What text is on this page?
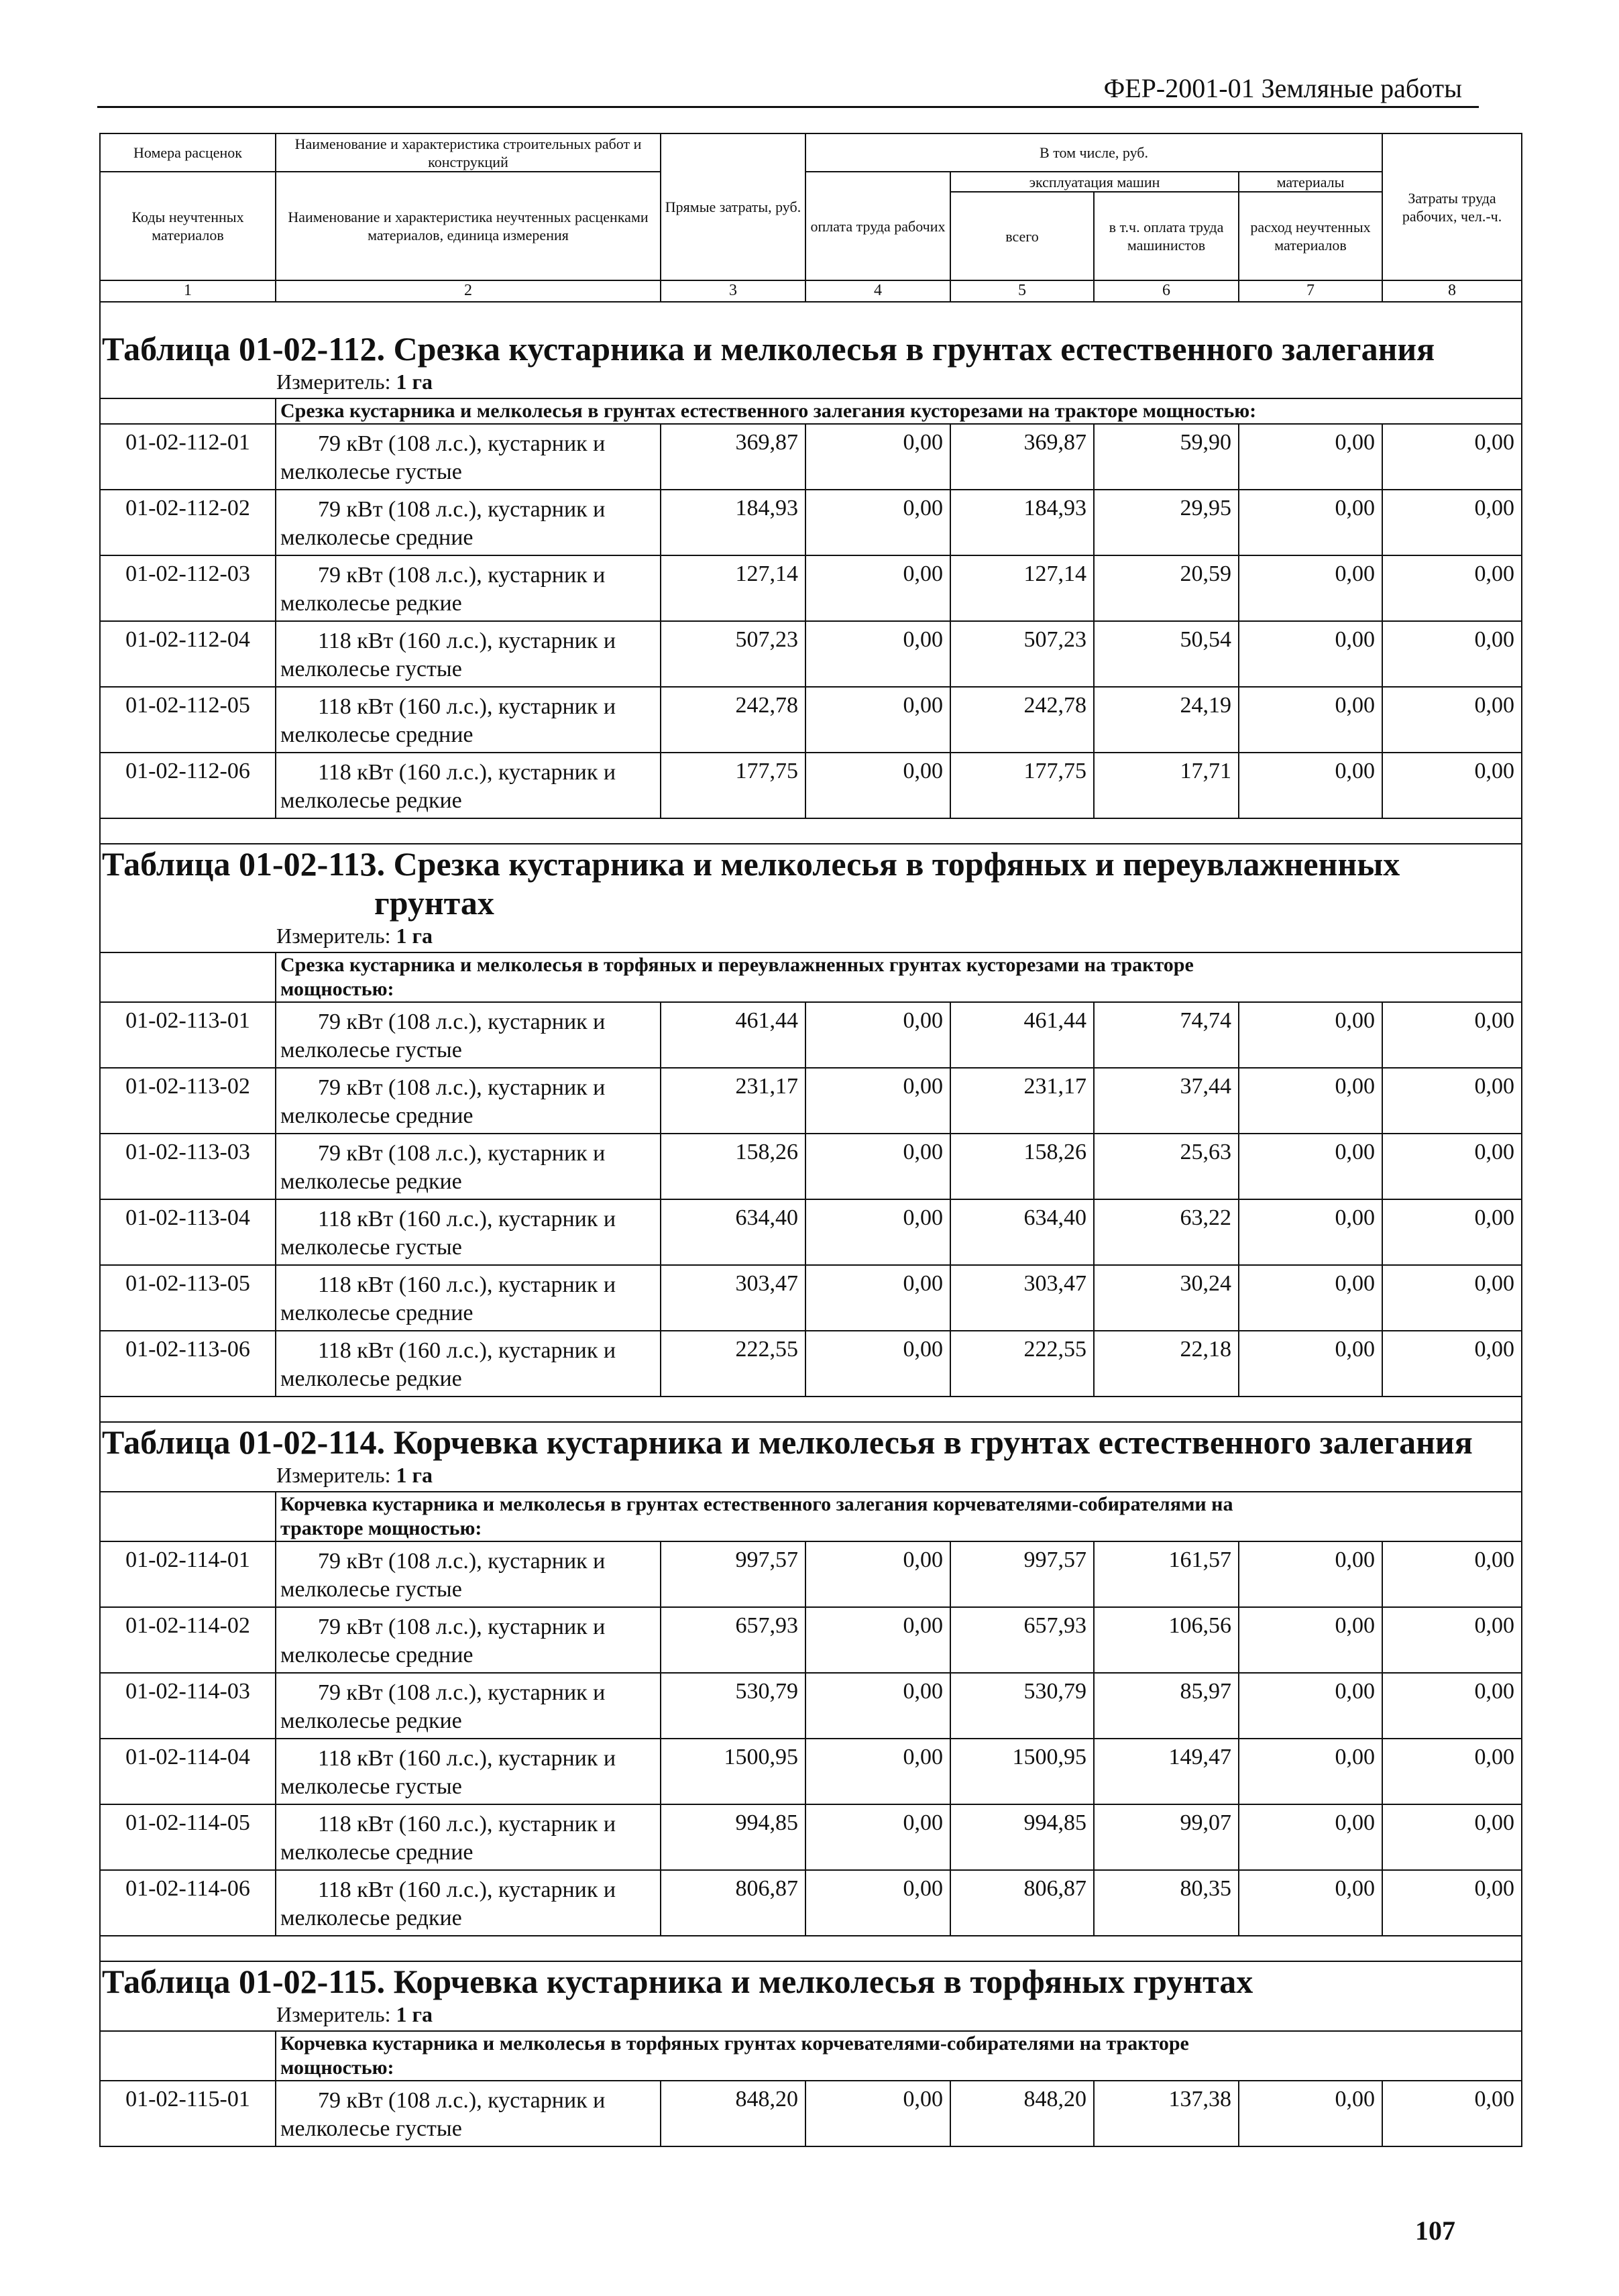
ФЕР-2001-01 Земляные работы
Номера расценок	Наименование и характеристика строительных работ и конструкций	Прямые затраты, руб.	В том числе, руб.				Затраты труда рабочих, чел.-ч.
Коды неучтенных материалов	Наименование и характеристика неучтенных расценками материалов, единица измерения		оплата труда рабочих	эксплуатация машин		материалы	
				всего	в т.ч. оплата труда машинистов	расход неучтенных материалов	
1	2	3	4	5	6	7	8

Таблица 01-02-112. Срезка кустарника и мелколесья в грунтах естественного залегания							

Измеритель: 1 га							

	Срезка кустарника и мелколесья в грунтах естественного залегания кусторезами на тракторе мощностью:						

01-02-112-01	79 кВт (108 л.с.), кустарник и
мелколесье густые	369,87	0,00	369,87	59,90	0,00	0,00
01-02-112-02	79 кВт (108 л.с.), кустарник и
мелколесье средние	184,93	0,00	184,93	29,95	0,00	0,00
01-02-112-03	79 кВт (108 л.с.), кустарник и
мелколесье редкие	127,14	0,00	127,14	20,59	0,00	0,00
01-02-112-04	118 кВт (160 л.с.), кустарник и
мелколесье густые	507,23	0,00	507,23	50,54	0,00	0,00
01-02-112-05	118 кВт (160 л.с.), кустарник и
мелколесье средние	242,78	0,00	242,78	24,19	0,00	0,00
01-02-112-06	118 кВт (160 л.с.), кустарник и
мелколесье редкие	177,75	0,00	177,75	17,71	0,00	0,00

Таблица 01-02-113. Срезка кустарника и мелколесья в торфяных и переувлажненных
грунтах							

Измеритель: 1 га							

	Срезка кустарника и мелколесья в торфяных и переувлажненных грунтах кусторезами на тракторе
мощностью:						

01-02-113-01	79 кВт (108 л.с.), кустарник и
мелколесье густые	461,44	0,00	461,44	74,74	0,00	0,00
01-02-113-02	79 кВт (108 л.с.), кустарник и
мелколесье средние	231,17	0,00	231,17	37,44	0,00	0,00
01-02-113-03	79 кВт (108 л.с.), кустарник и
мелколесье редкие	158,26	0,00	158,26	25,63	0,00	0,00
01-02-113-04	118 кВт (160 л.с.), кустарник и
мелколесье густые	634,40	0,00	634,40	63,22	0,00	0,00
01-02-113-05	118 кВт (160 л.с.), кустарник и
мелколесье средние	303,47	0,00	303,47	30,24	0,00	0,00
01-02-113-06	118 кВт (160 л.с.), кустарник и
мелколесье редкие	222,55	0,00	222,55	22,18	0,00	0,00

Таблица 01-02-114. Корчевка кустарника и мелколесья в грунтах естественного залегания							

Измеритель: 1 га							

	Корчевка кустарника и мелколесья в грунтах естественного залегания корчевателями-собирателями на
тракторе мощностью:						

01-02-114-01	79 кВт (108 л.с.), кустарник и
мелколесье густые	997,57	0,00	997,57	161,57	0,00	0,00
01-02-114-02	79 кВт (108 л.с.), кустарник и
мелколесье средние	657,93	0,00	657,93	106,56	0,00	0,00
01-02-114-03	79 кВт (108 л.с.), кустарник и
мелколесье редкие	530,79	0,00	530,79	85,97	0,00	0,00
01-02-114-04	118 кВт (160 л.с.), кустарник и
мелколесье густые	1500,95	0,00	1500,95	149,47	0,00	0,00
01-02-114-05	118 кВт (160 л.с.), кустарник и
мелколесье средние	994,85	0,00	994,85	99,07	0,00	0,00
01-02-114-06	118 кВт (160 л.с.), кустарник и
мелколесье редкие	806,87	0,00	806,87	80,35	0,00	0,00

Таблица 01-02-115. Корчевка кустарника и мелколесья в торфяных грунтах							

Измеритель: 1 га							

	Корчевка кустарника и мелколесья в торфяных грунтах корчевателями-собирателями на тракторе
мощностью:						

01-02-115-01	79 кВт (108 л.с.), кустарник и
мелколесье густые	848,20	0,00	848,20	137,38	0,00	0,00
107
